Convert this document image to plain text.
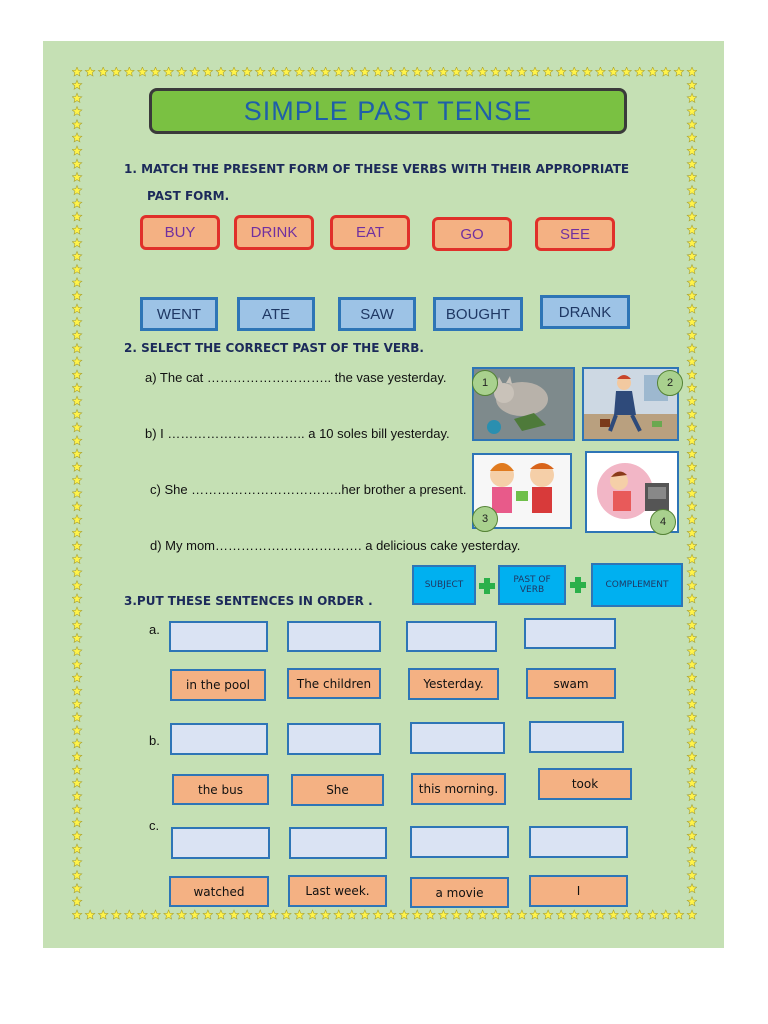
SIMPLE PAST TENSE
1. MATCH THE PRESENT FORM OF THESE VERBS WITH THEIR APPROPRIATE
PAST FORM.
BUY	DRINK	EAT	GO	SEE
WENT	ATE	SAW	BOUGHT	DRANK
2. SELECT THE CORRECT PAST OF THE VERB.
a) The cat ……………………….. the vase yesterday.
b) I ………………………….. a 10 soles bill yesterday.
c) She ……………………………..her brother a present.
d) My mom……………………………. a delicious cake yesterday.
1	2
3	4
SUBJECT	PAST OF VERB	COMPLEMENT
3.PUT THESE SENTENCES IN ORDER .
a.
in the pool	The children	Yesterday.	swam
b.
the bus	She	this morning.	took
c.
watched	Last week.	a movie	I
